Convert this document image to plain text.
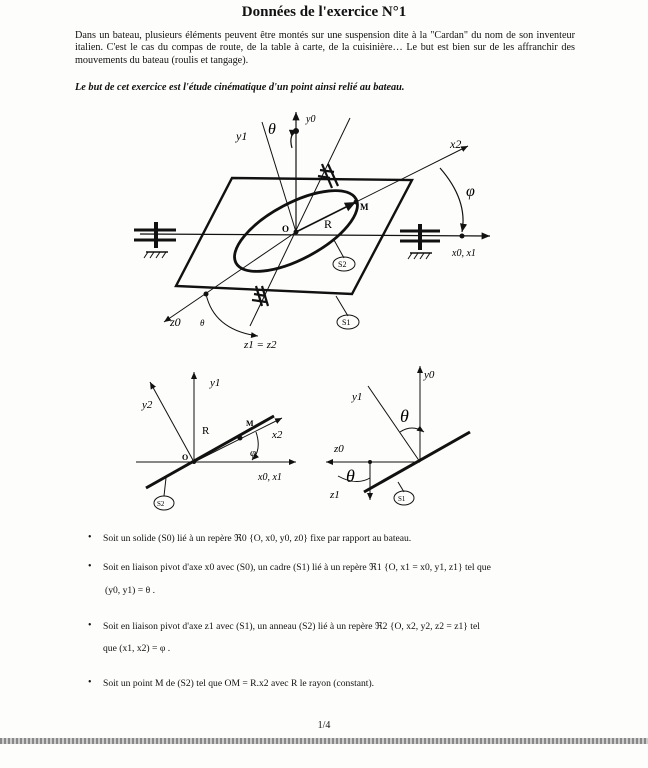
Données de l'exercice N°1
Dans un bateau, plusieurs éléments peuvent être montés sur une suspension dite à la "Cardan" du nom de son inventeur italien. C'est le cas du compas de route, de la table à carte, de la cuisinière… Le but est bien sur de les affranchir des mouvements du bateau (roulis et tangage).
Le but de cet exercice est l'étude cinématique d'un point ainsi relié au bateau.
y1
y0
θ
x2
φ
M
O	R
S2
S1
x0, x1
z0 θ
z1 = z2
y1
y2
M
R	x2
O	φ
x0, x1
S2
y0
y1
θ
z0
θ
z1	S1
• Soit un solide (S0) lié à un repère ℜ0 {O, x0, y0, z0} fixe par rapport au bateau.
• Soit en liaison pivot d'axe x0 avec (S0), un cadre (S1) lié à un repère ℜ1 {O, x1 = x0, y1, z1} tel que
(y0, y1) = θ .
• Soit en liaison pivot d'axe z1 avec (S1), un anneau (S2) lié à un repère ℜ2 {O, x2, y2, z2 = z1} tel
que (x1, x2) = φ .
• Soit un point M de (S2) tel que OM = R.x2 avec R le rayon (constant).
1/4
